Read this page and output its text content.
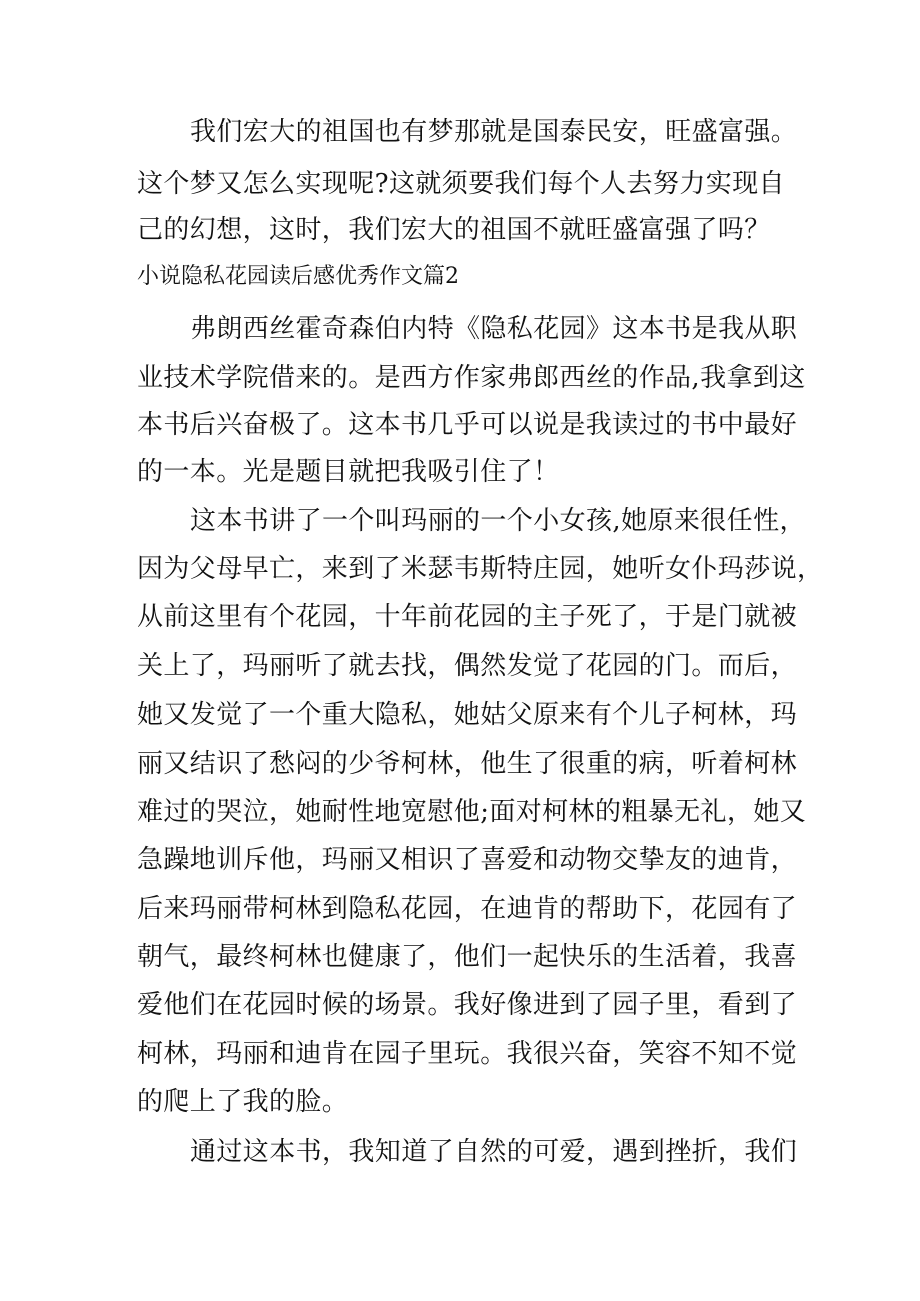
我们宏大的祖国也有梦那就是国泰民安，旺盛富强。
这个梦又怎么实现呢?这就须要我们每个人去努力实现自
己的幻想，这时，我们宏大的祖国不就旺盛富强了吗？
小说隐私花园读后感优秀作文篇2
弗朗西丝霍奇森伯内特《隐私花园》这本书是我从职
业技术学院借来的。是西方作家弗郎西丝的作品,我拿到这
本书后兴奋极了。这本书几乎可以说是我读过的书中最好
的一本。光是题目就把我吸引住了！
这本书讲了一个叫玛丽的一个小女孩,她原来很任性，
因为父母早亡，来到了米瑟韦斯特庄园，她听女仆玛莎说，
从前这里有个花园，十年前花园的主子死了，于是门就被
关上了，玛丽听了就去找，偶然发觉了花园的门。而后，
她又发觉了一个重大隐私，她姑父原来有个儿子柯林，玛
丽又结识了愁闷的少爷柯林，他生了很重的病，听着柯林
难过的哭泣，她耐性地宽慰他;面对柯林的粗暴无礼，她又
急躁地训斥他，玛丽又相识了喜爱和动物交挚友的迪肯，
后来玛丽带柯林到隐私花园，在迪肯的帮助下，花园有了
朝气，最终柯林也健康了，他们一起快乐的生活着，我喜
爱他们在花园时候的场景。我好像进到了园子里，看到了
柯林，玛丽和迪肯在园子里玩。我很兴奋，笑容不知不觉
的爬上了我的脸。
通过这本书，我知道了自然的可爱，遇到挫折，我们
